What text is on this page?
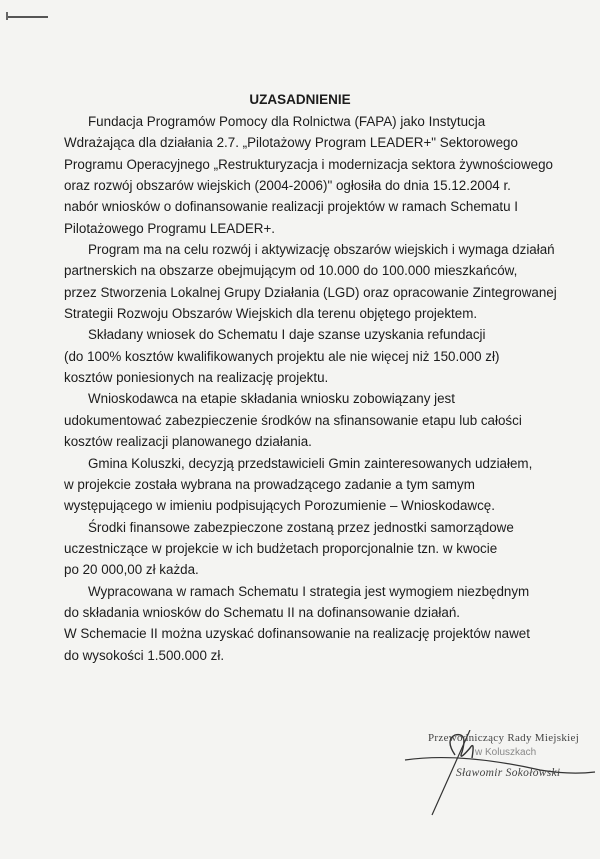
UZASADNIENIE
Fundacja Programów Pomocy dla Rolnictwa (FAPA) jako Instytucja
Wdrażająca dla działania 2.7. „Pilotażowy Program LEADER+" Sektorowego
Programu Operacyjnego „Restrukturyzacja i modernizacja sektora żywnościowego
oraz rozwój obszarów wiejskich (2004-2006)" ogłosiła do dnia 15.12.2004 r.
nabór wniosków o dofinansowanie realizacji projektów w ramach Schematu I
Pilotażowego Programu LEADER+.
Program ma na celu rozwój i aktywizację obszarów wiejskich i wymaga działań
partnerskich na obszarze obejmującym od 10.000 do 100.000 mieszkańców,
przez Stworzenia Lokalnej Grupy Działania (LGD) oraz opracowanie Zintegrowanej
Strategii Rozwoju Obszarów Wiejskich dla terenu objętego projektem.
Składany wniosek do Schematu I daje szanse uzyskania refundacji
(do 100% kosztów kwalifikowanych projektu ale nie więcej niż 150.000 zł)
kosztów poniesionych na realizację projektu.
Wnioskodawca na etapie składania wniosku zobowiązany jest
udokumentować zabezpieczenie środków na sfinansowanie etapu lub całości
kosztów realizacji planowanego działania.
Gmina Koluszki, decyzją przedstawicieli Gmin zainteresowanych udziałem,
w projekcie została wybrana na prowadzącego zadanie a tym samym
występującego w imieniu podpisujących Porozumienie – Wnioskodawcę.
Środki finansowe zabezpieczone zostaną przez jednostki samorządowe
uczestniczące w projekcie w ich budżetach proporcjonalnie tzn. w kwocie
po 20 000,00 zł każda.
Wypracowana w ramach Schematu I strategia jest wymogiem niezbędnym
do składania wniosków do Schematu II na dofinansowanie działań.
W Schemacie II można uzyskać dofinansowanie na realizację projektów nawet
do wysokości 1.500.000 zł.
Przewodniczący Rady Miejskiej
w Koluszkach
Sławomir Sokołowski
